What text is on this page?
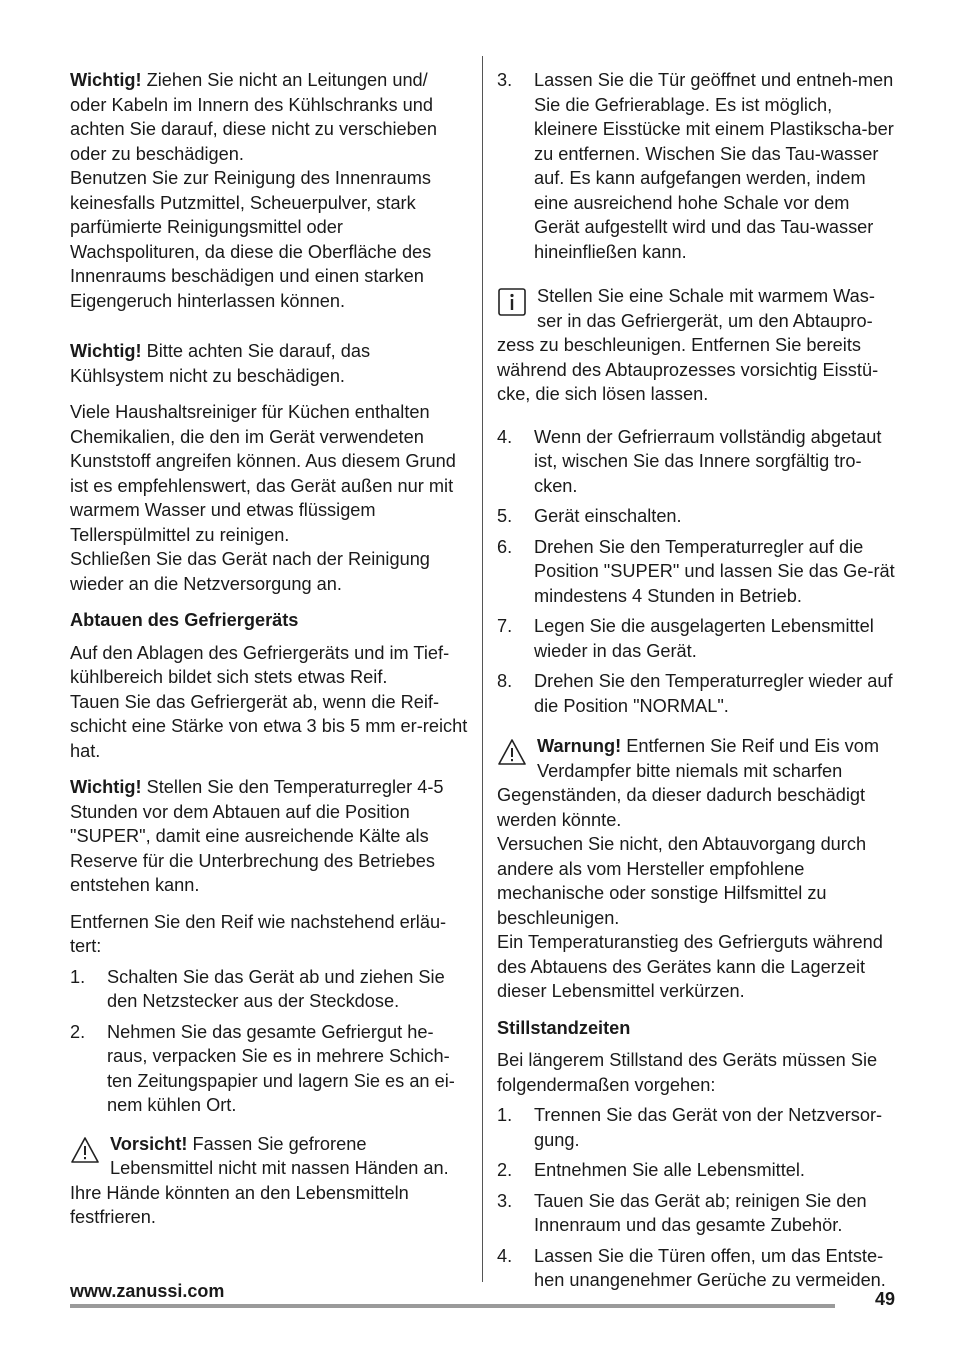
Wichtig! Ziehen Sie nicht an Leitungen und/ oder Kabeln im Innern des Kühlschranks und achten Sie darauf, diese nicht zu verschieben oder zu beschädigen.

Benutzen Sie zur Reinigung des Innenraums keinesfalls Putzmittel, Scheuerpulver, stark parfümierte Reinigungsmittel oder Wachspolituren, da diese die Oberfläche des Innenraums beschädigen und einen starken Eigengeruch hinterlassen können.

Wichtig! Bitte achten Sie darauf, das Kühlsystem nicht zu beschädigen.

Viele Haushaltsreiniger für Küchen enthalten Chemikalien, die den im Gerät verwendeten Kunststoff angreifen können. Aus diesem Grund ist es empfehlenswert, das Gerät außen nur mit warmem Wasser und etwas flüssigem Tellerspülmittel zu reinigen.

Schließen Sie das Gerät nach der Reinigung wieder an die Netzversorgung an.

Abtauen des Gefriergeräts

Auf den Ablagen des Gefriergeräts und im Tief-kühlbereich bildet sich stets etwas Reif.

Tauen Sie das Gefriergerät ab, wenn die Reif-schicht eine Stärke von etwa 3 bis 5 mm er-reicht hat.

Wichtig! Stellen Sie den Temperaturregler 4-5 Stunden vor dem Abtauen auf die Position "SUPER", damit eine ausreichende Kälte als Reserve für die Unterbrechung des Betriebes entstehen kann.

Entfernen Sie den Reif wie nachstehend erläu-tert:

1. Schalten Sie das Gerät ab und ziehen Sie den Netzstecker aus der Steckdose.
2. Nehmen Sie das gesamte Gefriergut he-raus, verpacken Sie es in mehrere Schich-ten Zeitungspapier und lagern Sie es an ei-nem kühlen Ort.

Vorsicht! Fassen Sie gefrorene Lebensmittel nicht mit nassen Händen an. Ihre Hände könnten an den Lebensmitteln festfrieren.

3. Lassen Sie die Tür geöffnet und entneh-men Sie die Gefrierablage. Es ist möglich, kleinere Eisstücke mit einem Plastikscha-ber zu entfernen. Wischen Sie das Tau-wasser auf. Es kann aufgefangen werden, indem eine ausreichend hohe Schale vor dem Gerät aufgestellt wird und das Tau-wasser hineinfließen kann.

Stellen Sie eine Schale mit warmem Was-ser in das Gefriergerät, um den Abtaupro-zess zu beschleunigen. Entfernen Sie bereits während des Abtauprozesses vorsichtig Eisstü-cke, die sich lösen lassen.

4. Wenn der Gefrierraum vollständig abgetaut ist, wischen Sie das Innere sorgfältig tro-cken.
5. Gerät einschalten.
6. Drehen Sie den Temperaturregler auf die Position "SUPER" und lassen Sie das Ge-rät mindestens 4 Stunden in Betrieb.
7. Legen Sie die ausgelagerten Lebensmittel wieder in das Gerät.
8. Drehen Sie den Temperaturregler wieder auf die Position "NORMAL".

Warnung! Entfernen Sie Reif und Eis vom Verdampfer bitte niemals mit scharfen Gegenständen, da dieser dadurch beschädigt werden könnte.

Versuchen Sie nicht, den Abtauvorgang durch andere als vom Hersteller empfohlene mechanische oder sonstige Hilfsmittel zu beschleunigen.

Ein Temperaturanstieg des Gefrierguts während des Abtauens des Gerätes kann die Lagerzeit dieser Lebensmittel verkürzen.

Stillstandzeiten

Bei längerem Stillstand des Geräts müssen Sie folgendermaßen vorgehen:

1. Trennen Sie das Gerät von der Netzversor-gung.
2. Entnehmen Sie alle Lebensmittel.
3. Tauen Sie das Gerät ab; reinigen Sie den Innenraum und das gesamte Zubehör.
4. Lassen Sie die Türen offen, um das Entste-hen unangenehmer Gerüche zu vermeiden.
www.zanussi.com	49
